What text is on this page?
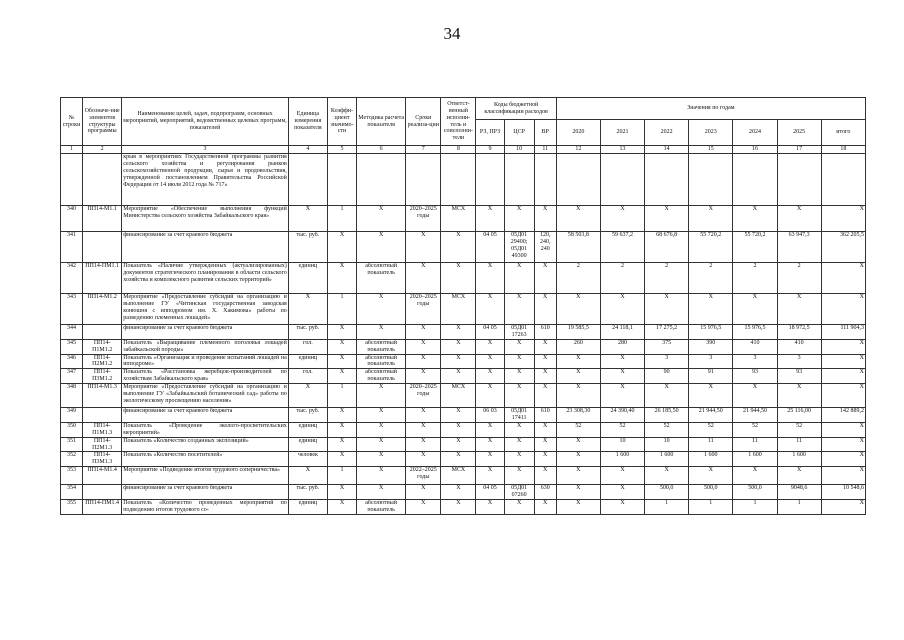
34
№ строки	Обозначе-ние элементов структуры программы	Наименование целей, задач, подпрограмм, основных мероприятий, мероприятий, ведомственных целевых программ, показателей	Единица измерения показателя	Коэффи-циент значимо-сти	Методика расчета показателя	Сроки реализа-ции	Ответст-венный исполни-тель и соисполни-тели	Коды бюджетной классификации расходов			Значения по годам						
								РЗ, ПРЗ	ЦСР	ВР	2020	2021	2022	2023	2024	2025	итого
1	2	3	4	5	6	7	8	9	10	11	12	13	14	15	16	17	18
		крыя в мероприятиях Государственной программы развития сельского хозяйства и регулирования рынков сельскохозяйственной продукции, сырья и продовольствия, утвержденной постановлением Правительства Российской Федерации от 14 июля 2012 года № 717»															
340	ПП14-М1.1	Мероприятие «Обеспечение выполнения функций Министерства сельского хозяйства Забайкальского края»	X	1	X	2020–2025 годы	МСХ	X	X	X	X	X	X	X	X	X	X
341		финансирование за счет краевого бюджета	тыс. руб.	X	X	X	X	04 05	05Д01 29400; 05Д01 49300	120, 240, 240	58 503,8	59 637,2	68 676,8	55 720,2	55 720,2	63 947,3	362 205,5
342	ПП14-ПМ1.1	Показатель «Наличие утвержденных (актуализированных) документов стратегического планирования в области сельского хозяйства и комплексного развития сельских территорий»	единиц	X	абсолютный показатель	X	X	X	X	X	2	2	2	2	2	2	X
343	ПП14-М1.2	Мероприятие «Предоставление субсидий на организацию и выполнение ГУ «Читинская государственная заводская конюшня с ипподромом им. Х. Хакимова» работы по разведению племенных лошадей»	X	1	X	2020–2025 годы	МСХ	X	X	X	X	X	X	X	X	X	X
344		финансирование за счет краевого бюджета	тыс. руб.	X	X	X	X	04 05	05Д01 17263	610	19 585,5	24 118,1	17 275,2	15 976,5	15 976,5	18 972,5	111 904,3
345	ПП14-П1М1.2	Показатель «Выращивание племенного поголовья лошадей забайкальской породы»	гол.	X	абсолютный показатель	X	X	X	X	X	260	280	375	390	410	410	X
346	ПП14-П2М1.2	Показатель «Организация и проведение испытаний лошадей на ипподроме»	единиц	X	абсолютный показатель	X	X	X	X	X	X	X	3	3	3	3	X
347	ПП14-П3М1.2	Показатель «Расстановка жеребцов-производителей по хозяйствам Забайкальского края»	гол.	X	абсолютный показатель	X	X	X	X	X	X	X	90	91	93	93	X
348	ПП14-М1.3	Мероприятие «Предоставление субсидий на организацию и выполнение ГУ «Забайкальский ботанический сад» работы по экологическому просвещению населения»	X	1	X	2020–2025 годы	МСХ	X	X	X	X	X	X	X	X	X	X
349		финансирование за счет краевого бюджета	тыс. руб.	X	X	X	X	06 03	05Д01 17411	610	23 308,30	24 390,40	26 185,50	21 944,50	21 944,50	25 116,00	142 889,2
350	ПП14-П1М1.3	Показатель «Проведение эколого-просветительских мероприятий»	единиц	X	X	X	X	X	X	X	52	52	52	52	52	52	X
351	ПП14-П2М1.3	Показатель «Количество созданных экспозиций»	единиц	X	X	X	X	X	X	X	X	10	10	11	11	11	X
352	ПП14-П3М1.3	Показатель «Количество посетителей»	человек	X	X	X	X	X	X	X	X	1 600	1 600	1 600	1 600	1 600	X
353	ПП14-М1.4	Мероприятие «Подведение итогов трудового соперничества»	X	1	X	2022–2025 годы	МСХ	X	X	X	X	X	X	X	X	X	X
354		финансирование за счет краевого бюджета	тыс. руб.	X	X	X	X	04 05	05Д01 07260	630	X	X	500,0	500,0	500,0	9048,6	10 548,6
355	ПП14-ПМ1.4	Показатель «Количество проведенных мероприятий по подведению итогов трудового со-	единиц	X	абсолютный показатель	X	X	X	X	X	X	X	1	1	1	1	X
